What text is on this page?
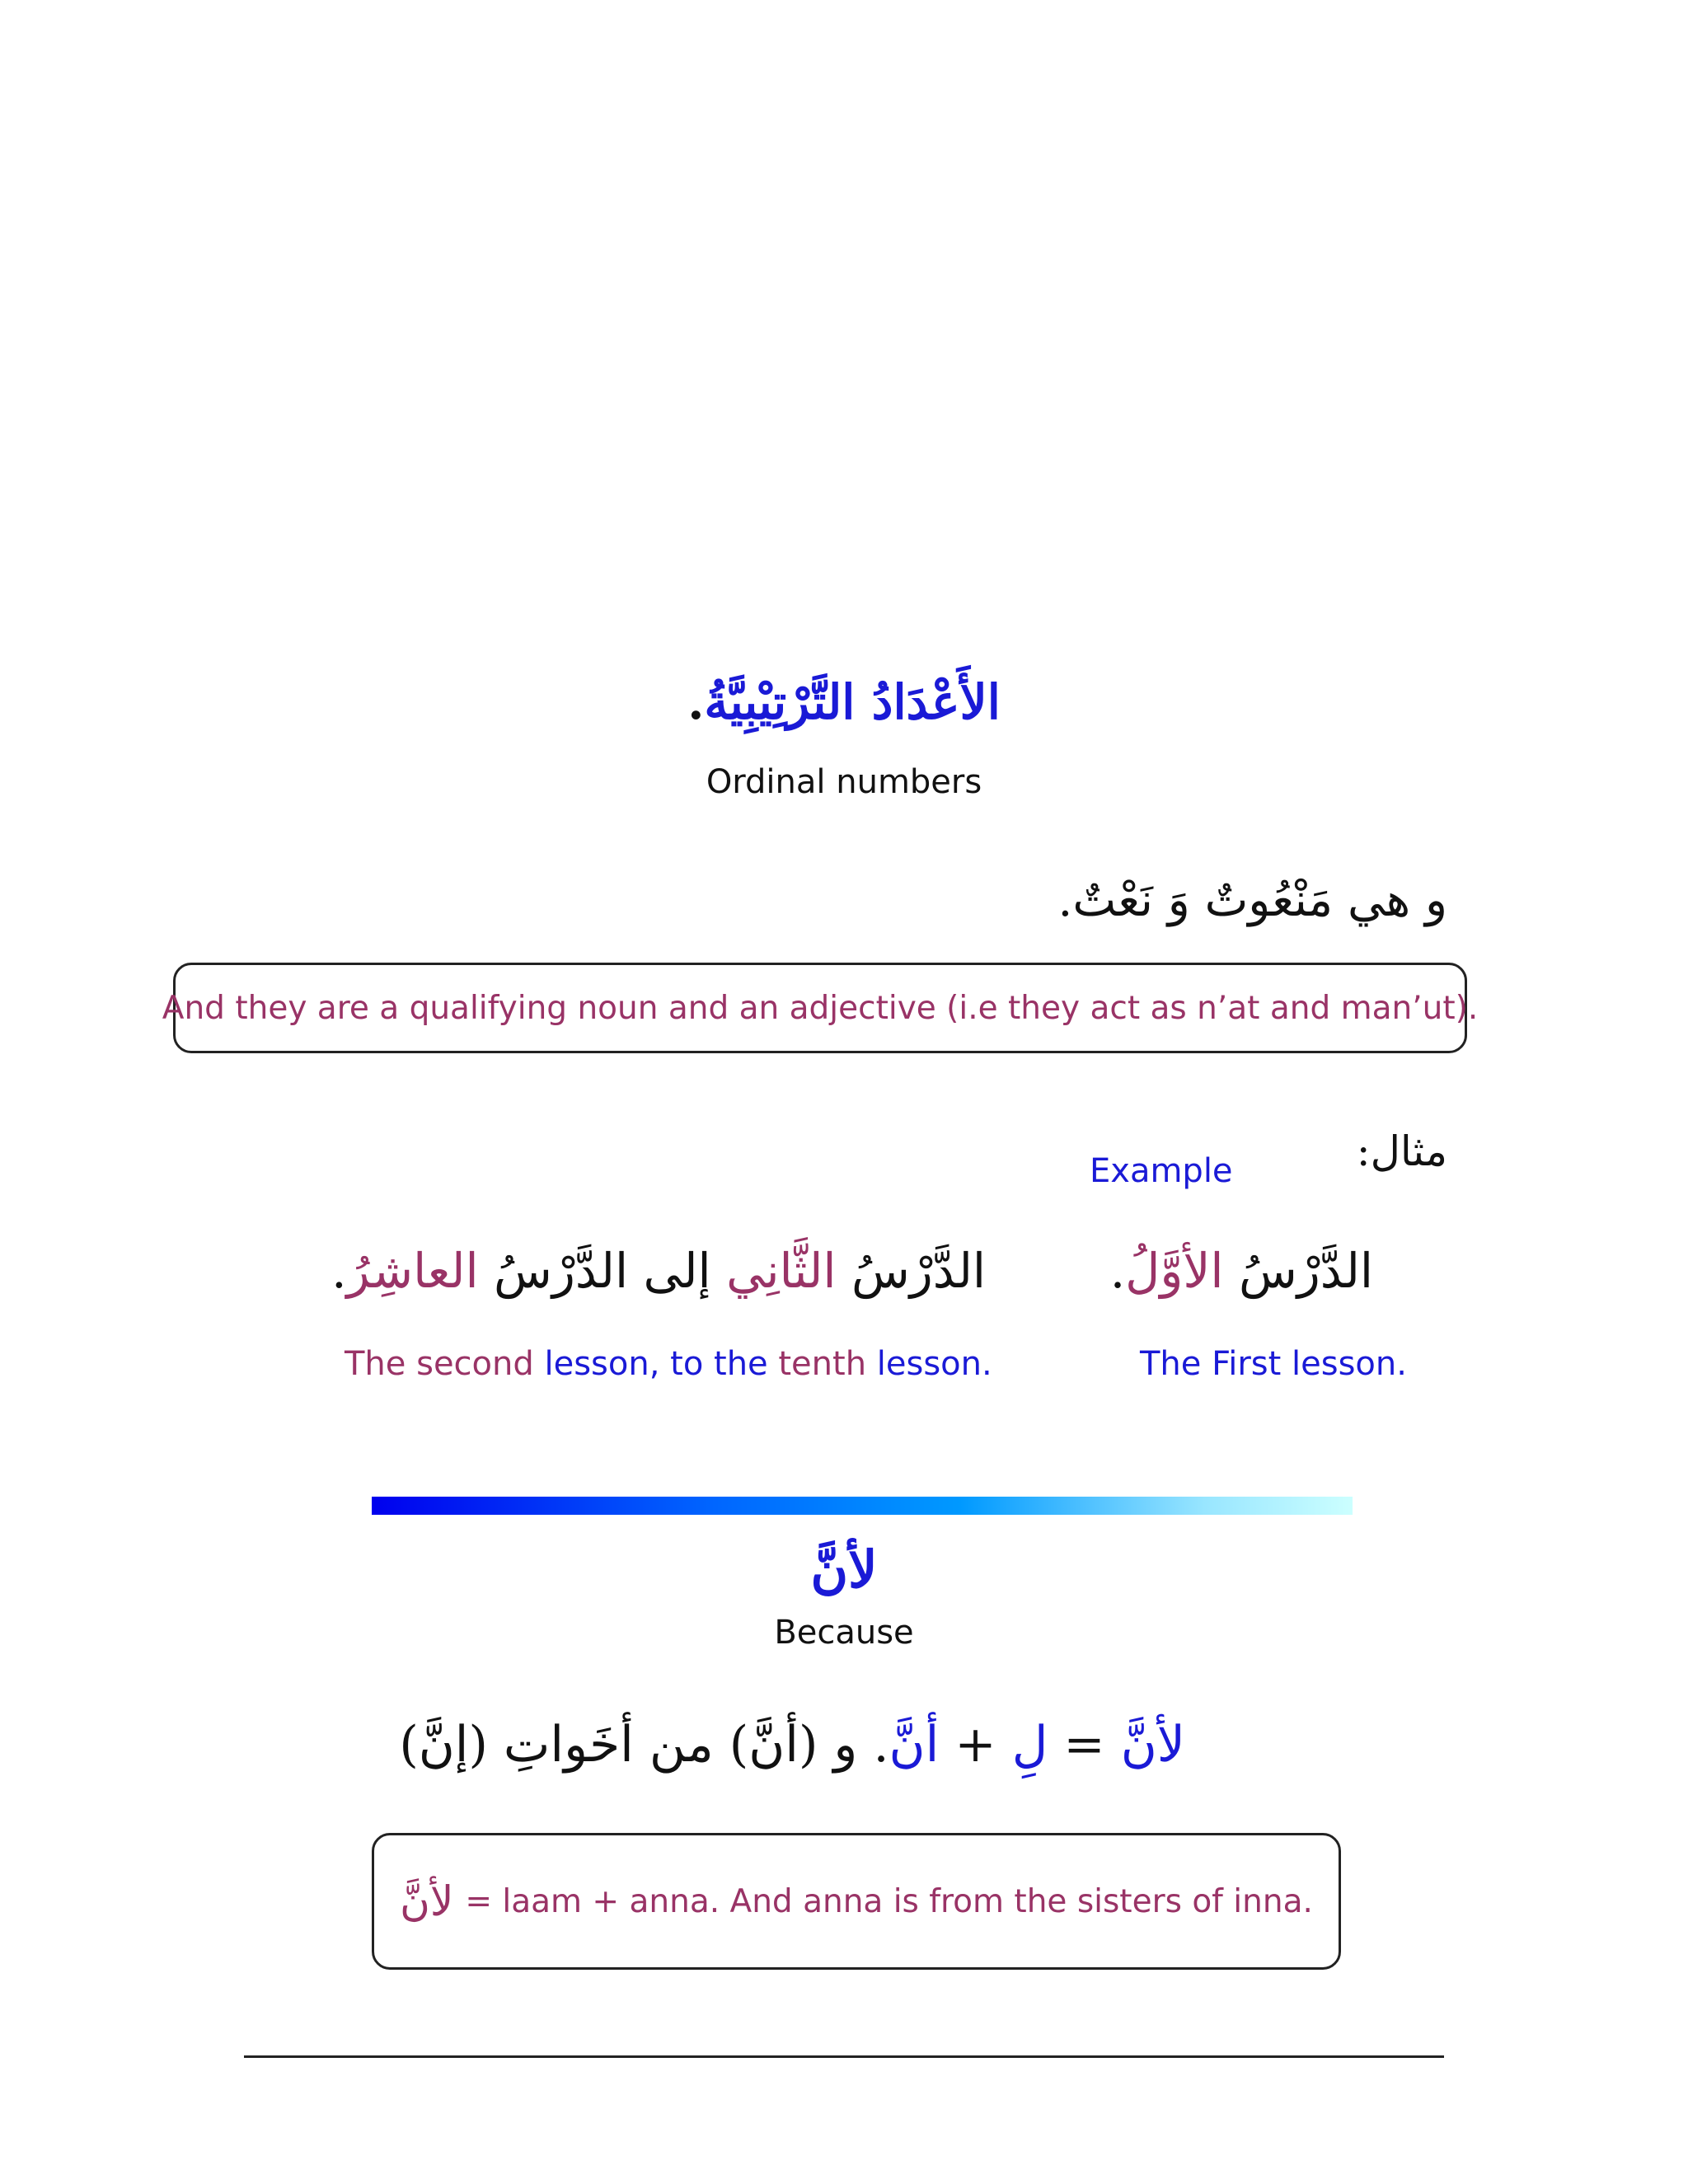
الأَعْدَادُ التَّرْتِيْبِيَّةُ.
Ordinal numbers
و هي مَنْعُوتٌ وَ نَعْتٌ.
And they are a qualifying noun and an adjective (i.e they act as n’at and man’ut).
مثال:
Example
الدَّرْسُ الأوَّلُ.
The First lesson.
الدَّرْسُ الثَّانِي إلى الدَّرْسُ العاشِرُ.
The second lesson, to the tenth lesson.
لأنَّ
Because
لأنَّ = لِ + أنَّ. و (أنَّ) من أخَواتِ (إنَّ)
لأنَّ = laam + anna. And anna is from the sisters of inna.
